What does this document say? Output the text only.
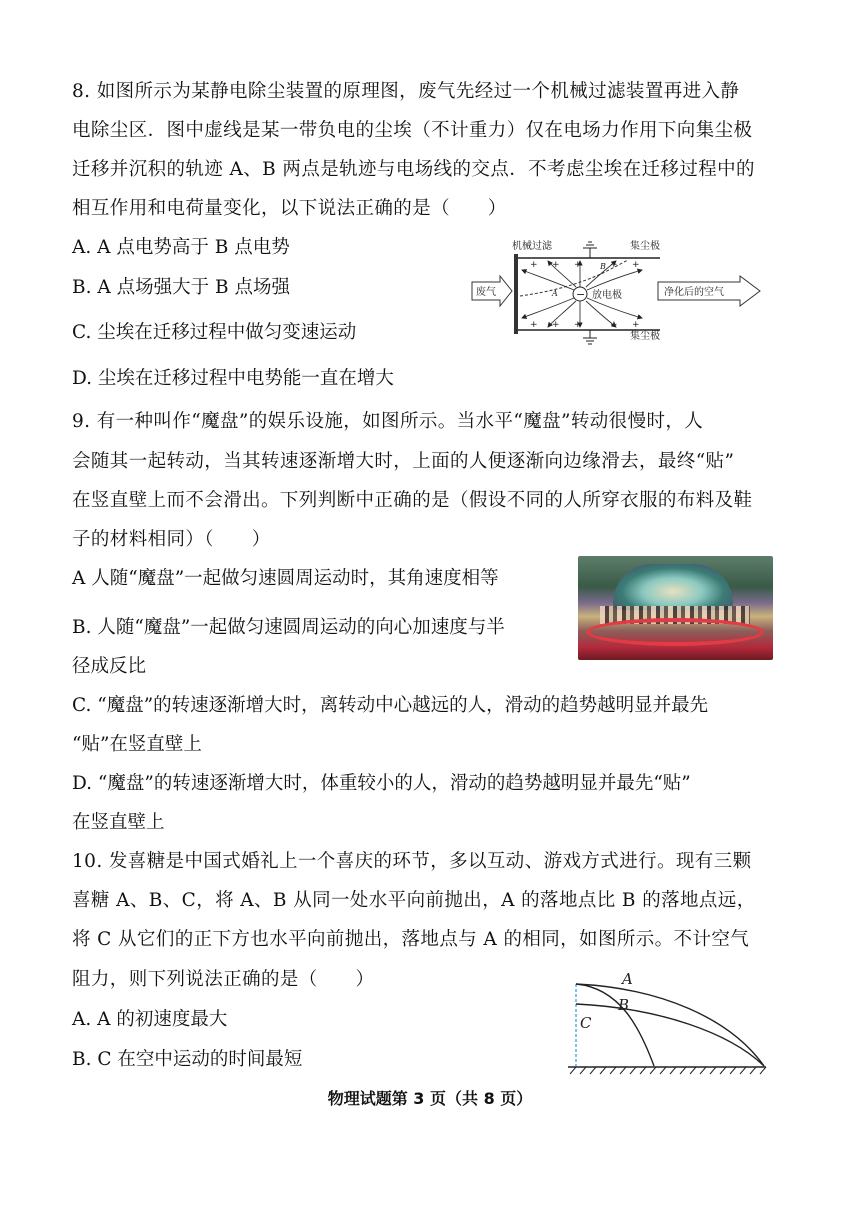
8. 如图所示为某静电除尘装置的原理图，废气先经过一个机械过滤装置再进入静
电除尘区．图中虚线是某一带负电的尘埃（不计重力）仅在电场力作用下向集尘极
迁移并沉积的轨迹 A、B 两点是轨迹与电场线的交点．不考虑尘埃在迁移过程中的
相互作用和电荷量变化，以下说法正确的是（　　）
A. A 点电势高于 B 点电势
B. A 点场强大于 B 点场强
C. 尘埃在迁移过程中做匀变速运动
D. 尘埃在迁移过程中电势能一直在增大
+ + +	+ +
+ + +	+ +
−
A
B
机械过滤	集尘极
集尘极
放电极
废气	净化后的空气
9. 有一种叫作“魔盘”的娱乐设施，如图所示。当水平“魔盘”转动很慢时，人
会随其一起转动，当其转速逐渐增大时，上面的人便逐渐向边缘滑去，最终“贴”
在竖直壁上而不会滑出。下列判断中正确的是（假设不同的人所穿衣服的布料及鞋
子的材料相同）（　　）
A 人随“魔盘”一起做匀速圆周运动时，其角速度相等
B. 人随“魔盘”一起做匀速圆周运动的向心加速度与半
径成反比
C. “魔盘”的转速逐渐增大时，离转动中心越远的人，滑动的趋势越明显并最先
“贴”在竖直壁上
D. “魔盘”的转速逐渐增大时，体重较小的人，滑动的趋势越明显并最先“贴”
在竖直壁上
10. 发喜糖是中国式婚礼上一个喜庆的环节，多以互动、游戏方式进行。现有三颗
喜糖 A、B、C，将 A、B 从同一处水平向前抛出，A 的落地点比 B 的落地点远，
将 C 从它们的正下方也水平向前抛出，落地点与 A 的相同，如图所示。不计空气
阻力，则下列说法正确的是（　　）
A. A 的初速度最大
B. C 在空中运动的时间最短
A
B
C
物理试题第 3 页（共 8 页）
